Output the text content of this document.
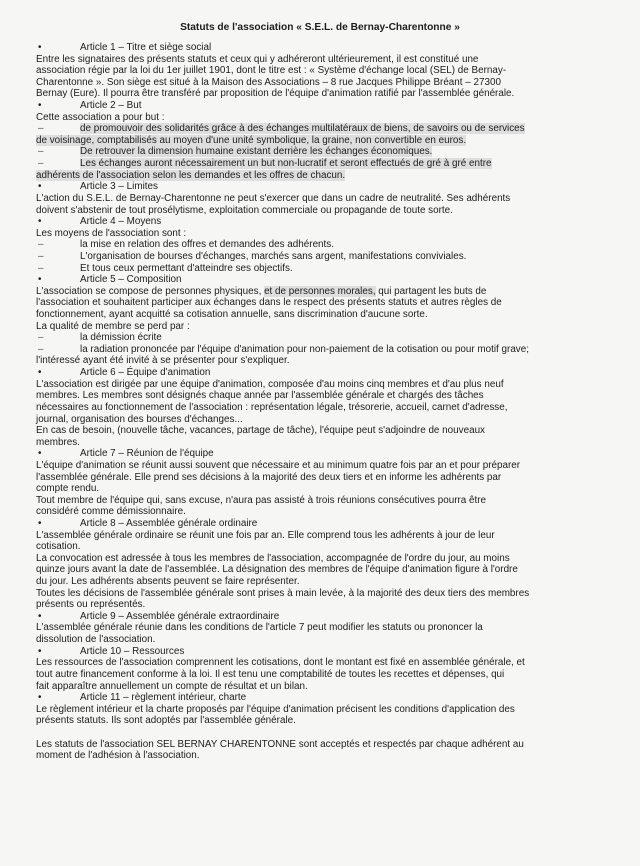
Statuts de l'association « S.E.L. de Bernay-Charentonne »
• Article 1 – Titre et siège social
Entre les signataires des présents statuts et ceux qui y adhéreront ultérieurement, il est constitué une
association régie par la loi du 1er juillet 1901, dont le titre est : « Système d'échange local (SEL) de Bernay-
Charentonne ». Son siège est situé à la Maison des Associations – 8 rue Jacques Philippe Bréant – 27300
Bernay (Eure). Il pourra être transféré par proposition de l'équipe d'animation ratifié par l'assemblée générale.
• Article 2 – But
Cette association a pour but :
– de promouvoir des solidarités grâce à des échanges multilatéraux de biens, de savoirs ou de services
de voisinage, comptabilisés au moyen d'une unité symbolique, la graine, non convertible en euros.
– De retrouver la dimension humaine existant derrière les échanges économiques.
– Les échanges auront nécessairement un but non-lucratif et seront effectués de gré à gré entre
adhérents de l'association selon les demandes et les offres de chacun.
• Article 3 – Limites
L'action du S.E.L. de Bernay-Charentonne ne peut s'exercer que dans un cadre de neutralité. Ses adhérents
doivent s'abstenir de tout prosélytisme, exploitation commerciale ou propagande de toute sorte.
• Article 4 – Moyens
Les moyens de l'association sont :
– la mise en relation des offres et demandes des adhérents.
– L'organisation de bourses d'échanges, marchés sans argent, manifestations conviviales.
– Et tous ceux permettant d'atteindre ses objectifs.
• Article 5 – Composition
L'association se compose de personnes physiques, et de personnes morales, qui partagent les buts de
l'association et souhaitent participer aux échanges dans le respect des présents statuts et autres règles de
fonctionnement, ayant acquitté sa cotisation annuelle, sans discrimination d'aucune sorte.
La qualité de membre se perd par :
– la démission écrite
– la radiation prononcée par l'équipe d'animation pour non-paiement de la cotisation ou pour motif grave;
l'intéressé ayant été invité à se présenter pour s'expliquer.
• Article 6 – Équipe d'animation
L'association est dirigée par une équipe d'animation, composée d'au moins cinq membres et d'au plus neuf
membres. Les membres sont désignés chaque année par l'assemblée générale et chargés des tâches
nécessaires au fonctionnement de l'association : représentation légale, trésorerie, accueil, carnet d'adresse,
journal, organisation des bourses d'échanges...
En cas de besoin, (nouvelle tâche, vacances, partage de tâche), l'équipe peut s'adjoindre de nouveaux
membres.
• Article 7 – Réunion de l'équipe
L'équipe d'animation se réunit aussi souvent que nécessaire et au minimum quatre fois par an et pour préparer
l'assemblée générale. Elle prend ses décisions à la majorité des deux tiers et en informe les adhérents par
compte rendu.
Tout membre de l'équipe qui, sans excuse, n'aura pas assisté à trois réunions consécutives pourra être
considéré comme démissionnaire.
• Article 8 – Assemblée générale ordinaire
L'assemblée générale ordinaire se réunit une fois par an. Elle comprend tous les adhérents à jour de leur
cotisation.
La convocation est adressée à tous les membres de l'association, accompagnée de l'ordre du jour, au moins
quinze jours avant la date de l'assemblée. La désignation des membres de l'équipe d'animation figure à l'ordre
du jour. Les adhérents absents peuvent se faire représenter.
Toutes les décisions de l'assemblée générale sont prises à main levée, à la majorité des deux tiers des membres
présents ou représentés.
• Article 9 – Assemblée générale extraordinaire
L'assemblée générale réunie dans les conditions de l'article 7 peut modifier les statuts ou prononcer la
dissolution de l'association.
• Article 10 – Ressources
Les ressources de l'association comprennent les cotisations, dont le montant est fixé en assemblée générale, et
tout autre financement conforme à la loi. Il est tenu une comptabilité de toutes les recettes et dépenses, qui
fait apparaître annuellement un compte de résultat et un bilan.
• Article 11 – règlement intérieur, charte
Le règlement intérieur et la charte proposés par l'équipe d'animation précisent les conditions d'application des
présents statuts. Ils sont adoptés par l'assemblée générale.
Les statuts de l'association SEL BERNAY CHARENTONNE sont acceptés et respectés par chaque adhérent au
moment de l'adhésion à l'association.
